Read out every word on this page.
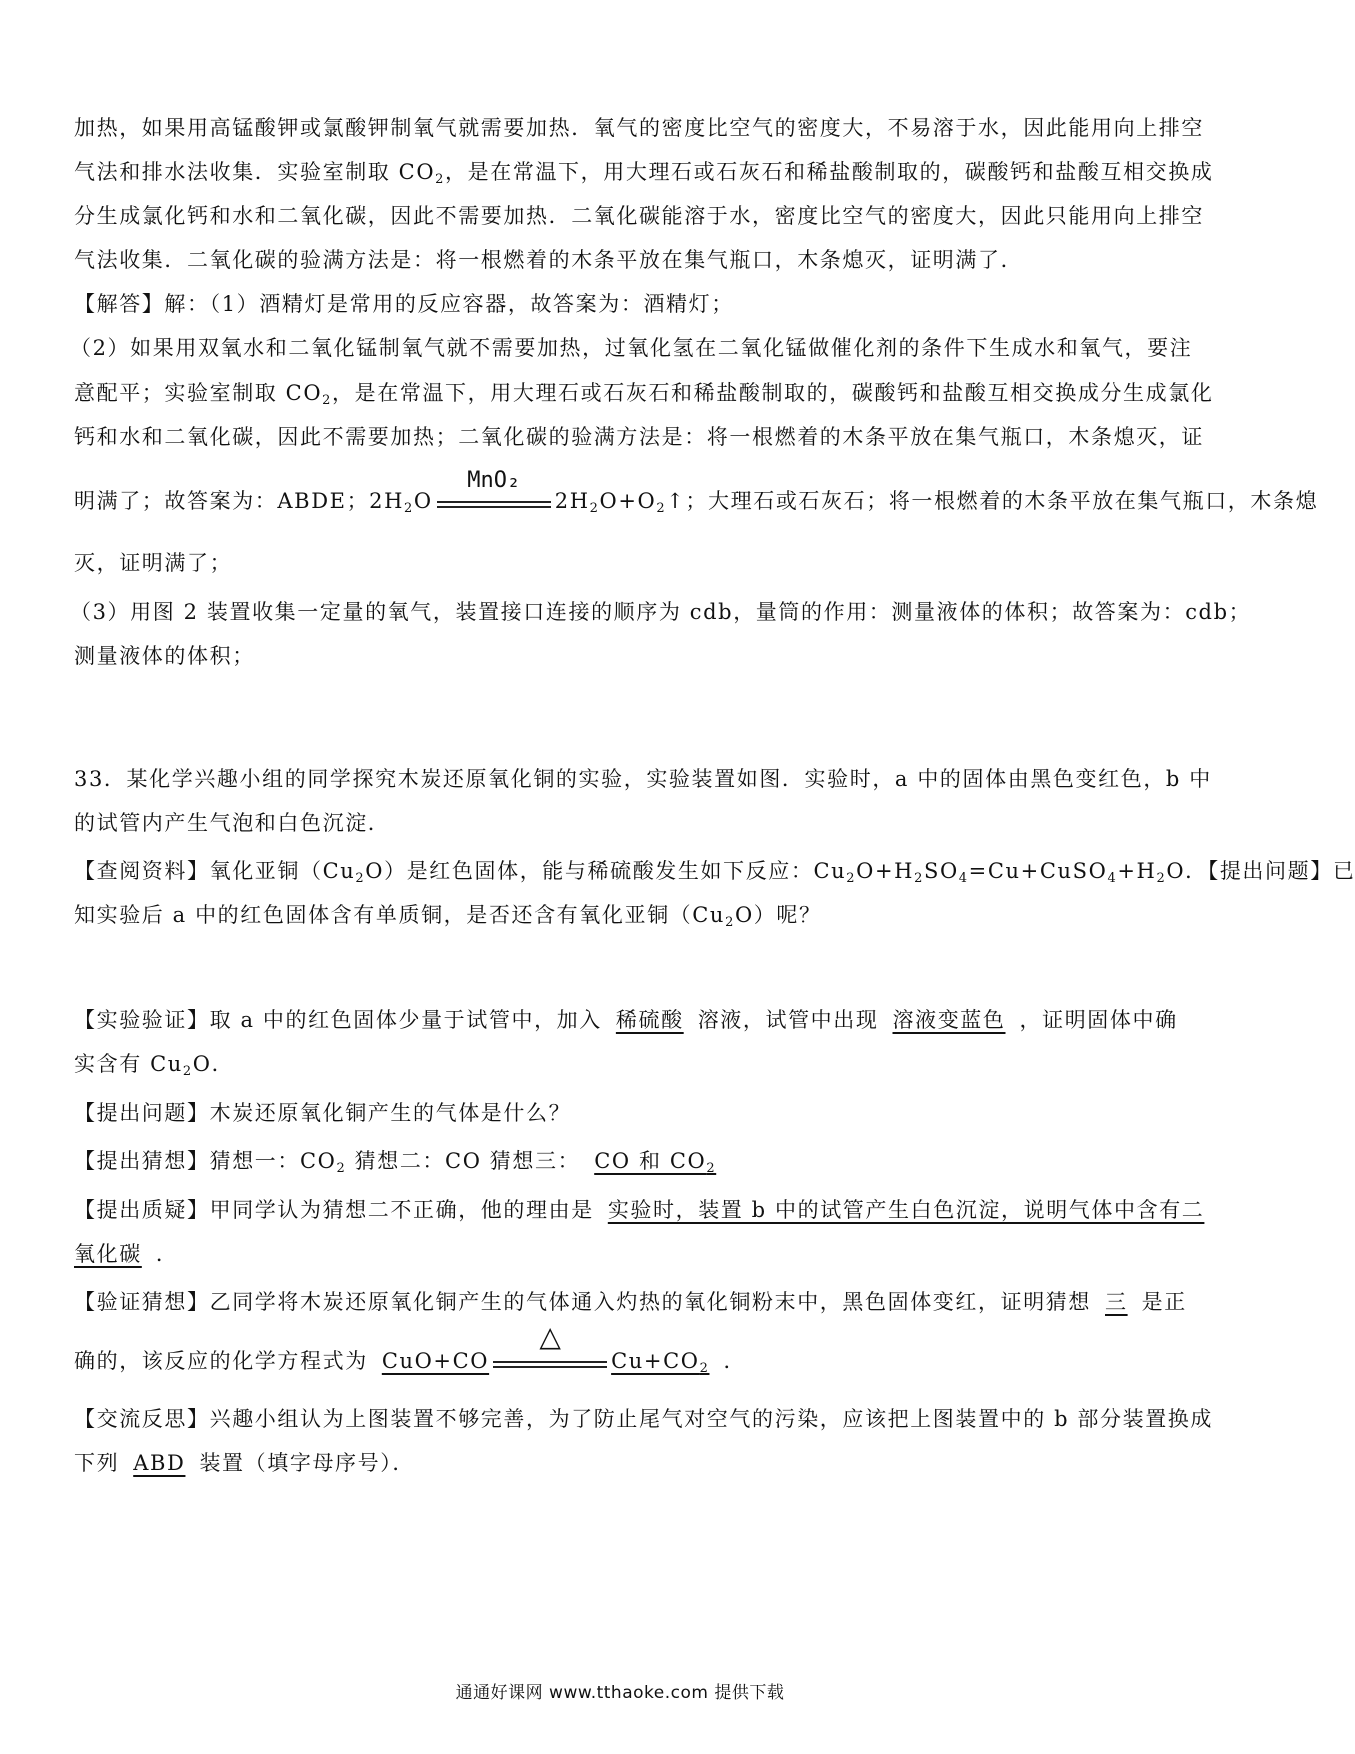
加热，如果用高锰酸钾或氯酸钾制氧气就需要加热．氧气的密度比空气的密度大，不易溶于水，因此能用向上排空
气法和排水法收集．实验室制取 $CO_2$，是在常温下，用大理石或石灰石和稀盐酸制取的，碳酸钙和盐酸互相交换成
分生成氯化钙和水和二氧化碳，因此不需要加热．二氧化碳能溶于水，密度比空气的密度大，因此只能用向上排空
气法收集．二氧化碳的验满方法是：将一根燃着的木条平放在集气瓶口，木条熄灭，证明满了．
【解答】解：（1）酒精灯是常用的反应容器，故答案为：酒精灯；
（2）如果用双氧水和二氧化锰制氧气就不需要加热，过氧化氢在二氧化锰做催化剂的条件下生成水和氧气，要注
意配平；实验室制取 $CO_2$，是在常温下，用大理石或石灰石和稀盐酸制取的，碳酸钙和盐酸互相交换成分生成氯化
钙和水和二氧化碳，因此不需要加热；二氧化碳的验满方法是：将一根燃着的木条平放在集气瓶口，木条熄灭，证
明满了；故答案为：ABDE；$2H_2O$
MnO₂
$2H_2O+O_2↑$；大理石或石灰石；将一根燃着的木条平放在集气瓶口，木条熄
灭，证明满了；
（3）用图 2 装置收集一定量的氧气，装置接口连接的顺序为 cdb，量筒的作用：测量液体的体积；故答案为：cdb；
测量液体的体积；
33．某化学兴趣小组的同学探究木炭还原氧化铜的实验，实验装置如图．实验时，a 中的固体由黑色变红色，b 中
的试管内产生气泡和白色沉淀．
【查阅资料】氧化亚铜$(Cu_2O)$是红色固体，能与稀硫酸发生如下反应：$Cu_2O+H_2SO_4=Cu+CuSO_4+H_2O$．【提出问题】已
知实验后 a 中的红色固体含有单质铜，是否还含有氧化亚铜$(Cu_2O)$呢？
【实验验证】取 a 中的红色固体少量于试管中，加入 稀硫酸 溶液，试管中出现 溶液变蓝色 ，证明固体中确
实含有 $Cu_2O$．
【提出问题】木炭还原氧化铜产生的气体是什么？
【提出猜想】猜想一：$CO_2$ 猜想二：CO 猜想三： CO 和 $CO_2$
【提出质疑】甲同学认为猜想二不正确，他的理由是 实验时，装置 b 中的试管产生白色沉淀，说明气体中含有二
氧化碳 ．
【验证猜想】乙同学将木炭还原氧化铜产生的气体通入灼热的氧化铜粉末中，黑色固体变红，证明猜想 三 是正
确的，该反应的化学方程式为 CuO+CO
△
$Cu+CO_2$ ．
【交流反思】兴趣小组认为上图装置不够完善，为了防止尾气对空气的污染，应该把上图装置中的 b 部分装置换成
下列 ABD 装置（填字母序号）．
通通好课网 www.tthaoke.com 提供下载
